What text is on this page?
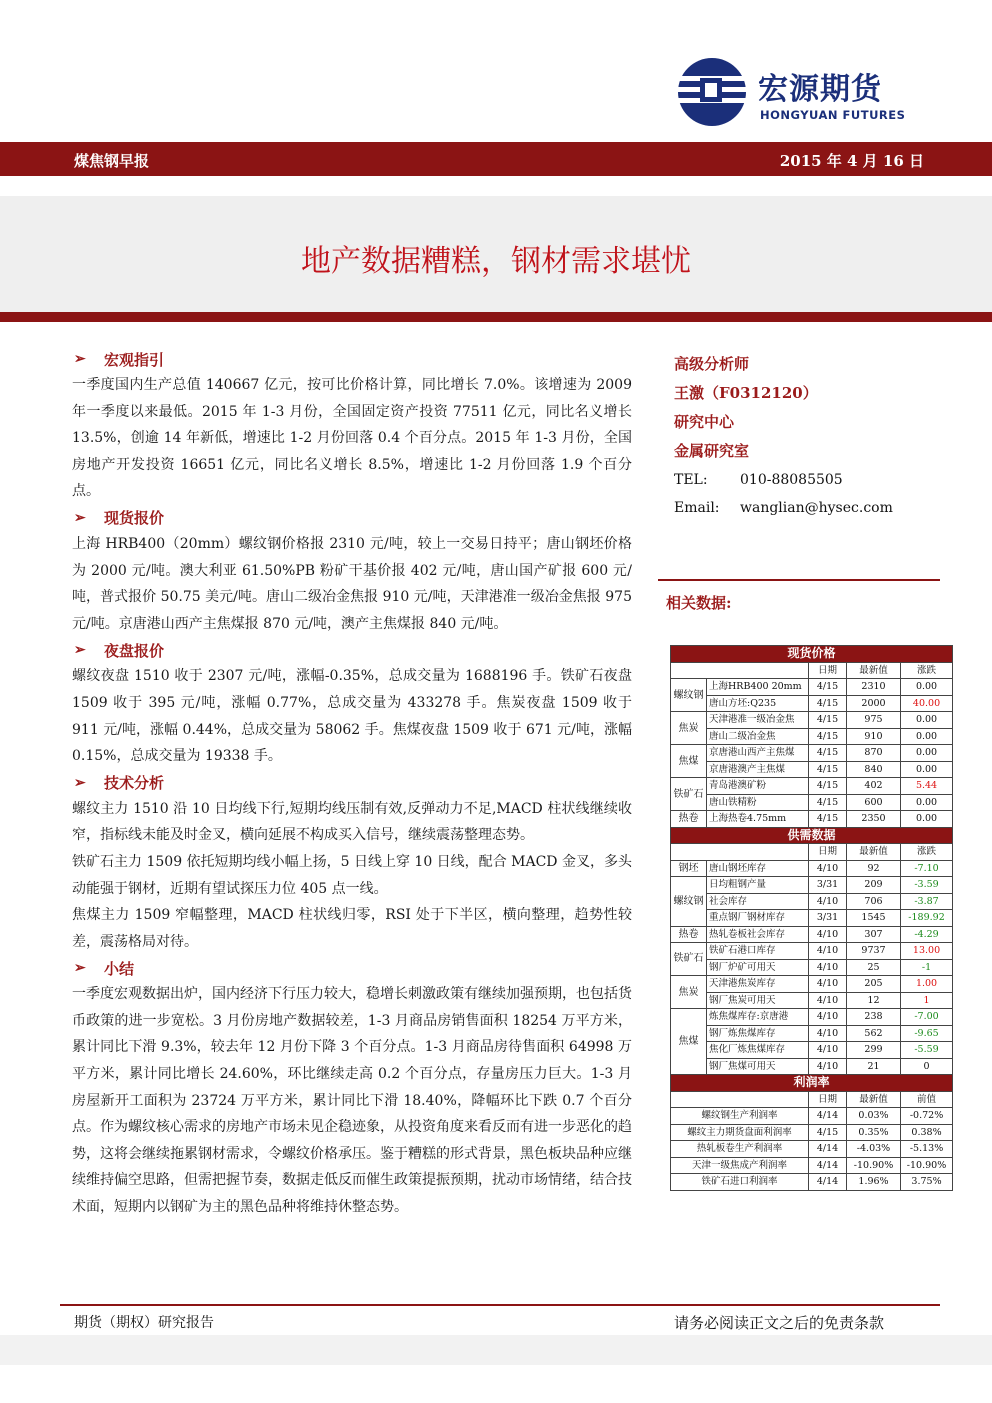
宏源期货
HONGYUAN FUTURES
煤焦钢早报	2015 年 4 月 16 日
地产数据糟糕，钢材需求堪忧
➢	宏观指引
一季度国内生产总值 140667 亿元，按可比价格计算，同比增长 7.0%。该增速为 2009 年一季度以来最低。2015 年 1-3 月份，全国固定资产投资 77511 亿元，同比名义增长 13.5%，创逾 14 年新低，增速比 1-2 月份回落 0.4 个百分点。2015 年 1-3 月份，全国房地产开发投资 16651 亿元，同比名义增长 8.5%，增速比 1-2 月份回落 1.9 个百分点。
➢	现货报价
上海 HRB400（20mm）螺纹钢价格报 2310 元/吨，较上一交易日持平；唐山钢坯价格为 2000 元/吨。澳大利亚 61.50%PB 粉矿干基价报 402 元/吨，唐山国产矿报 600 元/吨，普式报价 50.75 美元/吨。唐山二级冶金焦报 910 元/吨，天津港准一级冶金焦报 975 元/吨。京唐港山西产主焦煤报 870 元/吨，澳产主焦煤报 840 元/吨。
➢	夜盘报价
螺纹夜盘 1510 收于 2307 元/吨，涨幅-0.35%，总成交量为 1688196 手。铁矿石夜盘 1509 收于 395 元/吨，涨幅 0.77%，总成交量为 433278 手。焦炭夜盘 1509 收于 911 元/吨，涨幅 0.44%，总成交量为 58062 手。焦煤夜盘 1509 收于 671 元/吨，涨幅 0.15%，总成交量为 19338 手。
➢	技术分析
螺纹主力 1510 沿 10 日均线下行,短期均线压制有效,反弹动力不足,MACD 柱状线继续收窄，指标线未能及时金叉，横向延展不构成买入信号，继续震荡整理态势。
铁矿石主力 1509 依托短期均线小幅上扬，5 日线上穿 10 日线，配合 MACD 金叉，多头动能强于钢材，近期有望试探压力位 405 点一线。
焦煤主力 1509 窄幅整理，MACD 柱状线归零，RSI 处于下半区，横向整理，趋势性较差，震荡格局对待。
➢	小结
一季度宏观数据出炉，国内经济下行压力较大，稳增长刺激政策有继续加强预期，也包括货币政策的进一步宽松。3 月份房地产数据较差，1-3 月商品房销售面积 18254 万平方米，累计同比下滑 9.3%，较去年 12 月份下降 3 个百分点。1-3 月商品房待售面积 64998 万平方米，累计同比增长 24.60%，环比继续走高 0.2 个百分点，存量房压力巨大。1-3 月房屋新开工面积为 23724 万平方米，累计同比下滑 18.40%，降幅环比下跌 0.7 个百分点。作为螺纹核心需求的房地产市场未见企稳迹象，从投资角度来看反而有进一步恶化的趋势，这将会继续拖累钢材需求，令螺纹价格承压。鉴于糟糕的形式背景，黑色板块品种应继续维持偏空思路，但需把握节奏，数据走低反而催生政策提振预期，扰动市场情绪，结合技术面，短期内以钢矿为主的黑色品种将维持休整态势。
高级分析师
王激（F0312120）
研究中心
金属研究室
TEL:	010-88085505
Email:	wanglian@hysec.com
相关数据:
现货价格				
		日期	最新值	涨跌
螺纹钢	上海HRB400 20mm	4/15	2310	0.00
	唐山方坯:Q235	4/15	2000	40.00
焦炭	天津港准一级冶金焦	4/15	975	0.00
	唐山二级冶金焦	4/15	910	0.00
焦煤	京唐港山西产主焦煤	4/15	870	0.00
	京唐港澳产主焦煤	4/15	840	0.00
铁矿石	青岛港澳矿粉	4/15	402	5.44
	唐山铁精粉	4/15	600	0.00
热卷	上海热卷4.75mm	4/15	2350	0.00
供需数据				
		日期	最新值	涨跌
钢坯	唐山钢坯库存	4/10	92	-7.10
螺纹钢	日均粗钢产量	3/31	209	-3.59
	社会库存	4/10	706	-3.87
	重点钢厂钢材库存	3/31	1545	-189.92
热卷	热轧卷板社会库存	4/10	307	-4.29
铁矿石	铁矿石港口库存	4/10	9737	13.00
	钢厂炉矿可用天	4/10	25	-1
焦炭	天津港焦炭库存	4/10	205	1.00
	钢厂焦炭可用天	4/10	12	1
焦煤	炼焦煤库存:京唐港	4/10	238	-7.00
	钢厂炼焦煤库存	4/10	562	-9.65
	焦化厂炼焦煤库存	4/10	299	-5.59
	钢厂焦煤可用天	4/10	21	0
利润率				
		日期	最新值	前值
螺纹钢生产利润率		4/14	0.03%	-0.72%
螺纹主力期货盘面利润率		4/15	0.35%	0.38%
热轧板卷生产利润率		4/14	-4.03%	-5.13%
天津一级焦成产利润率		4/14	-10.90%	-10.90%
铁矿石进口利润率		4/14	1.96%	3.75%
期货（期权）研究报告	请务必阅读正文之后的免责条款
